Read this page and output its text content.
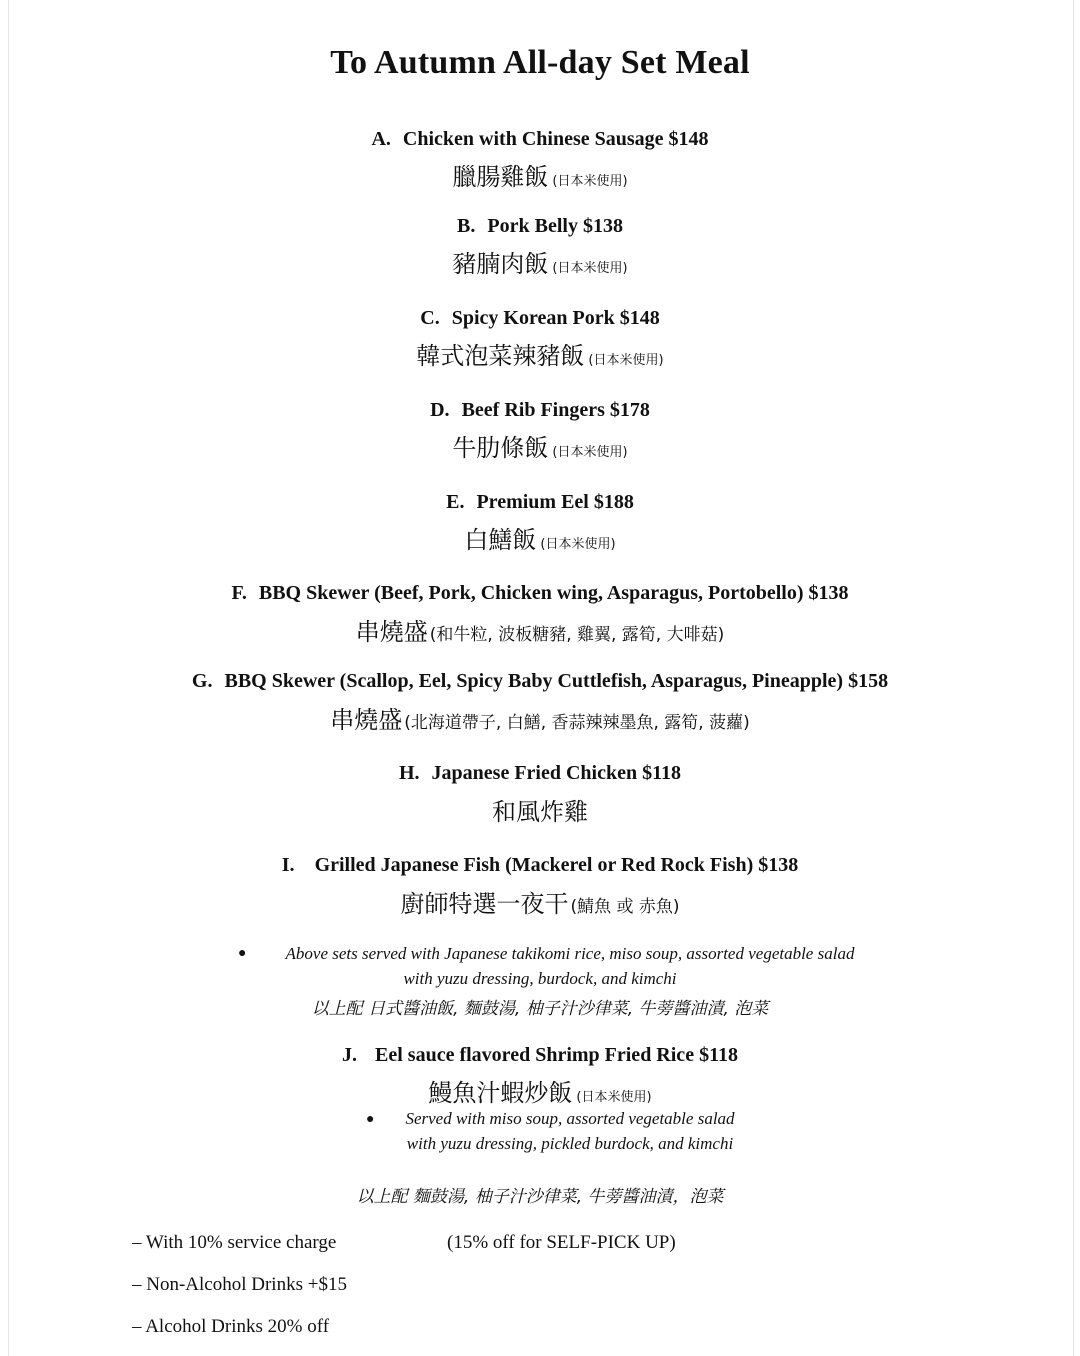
To Autumn All-day Set Meal
A. Chicken with Chinese Sausage $148
臘腸雞飯 (日本米使用)
B. Pork Belly $138
豬腩肉飯 (日本米使用)
C. Spicy Korean Pork $148
韓式泡菜辣豬飯 (日本米使用)
D. Beef Rib Fingers $178
牛肋條飯 (日本米使用)
E. Premium Eel $188
白鱔飯 (日本米使用)
F. BBQ Skewer (Beef, Pork, Chicken wing, Asparagus, Portobello) $138
串燒盛 (和牛粒, 波板糖豬, 雞翼, 露筍, 大啡菇)
G. BBQ Skewer (Scallop, Eel, Spicy Baby Cuttlefish, Asparagus, Pineapple) $158
串燒盛 (北海道帶子, 白鱔, 香蒜辣辣墨魚, 露筍, 菠蘿)
H. Japanese Fried Chicken $118
和風炸雞
I. Grilled Japanese Fish (Mackerel or Red Rock Fish) $138
廚師特選一夜干 (鯖魚 或 赤魚)
●	Above sets served with Japanese takikomi rice, miso soup, assorted vegetable salad
with yuzu dressing, burdock, and kimchi
以上配 日式醬油飯, 麵鼓湯, 柚子汁沙律菜, 牛蒡醬油漬, 泡菜
J. Eel sauce flavored Shrimp Fried Rice $118
鰻魚汁蝦炒飯 (日本米使用)
●	Served with miso soup, assorted vegetable salad
with yuzu dressing, pickled burdock, and kimchi
以上配 麵鼓湯, 柚子汁沙律菜, 牛蒡醬油漬，泡菜
– With 10% service charge	(15% off for SELF-PICK UP)
– Non-Alcohol Drinks +$15
– Alcohol Drinks 20% off
